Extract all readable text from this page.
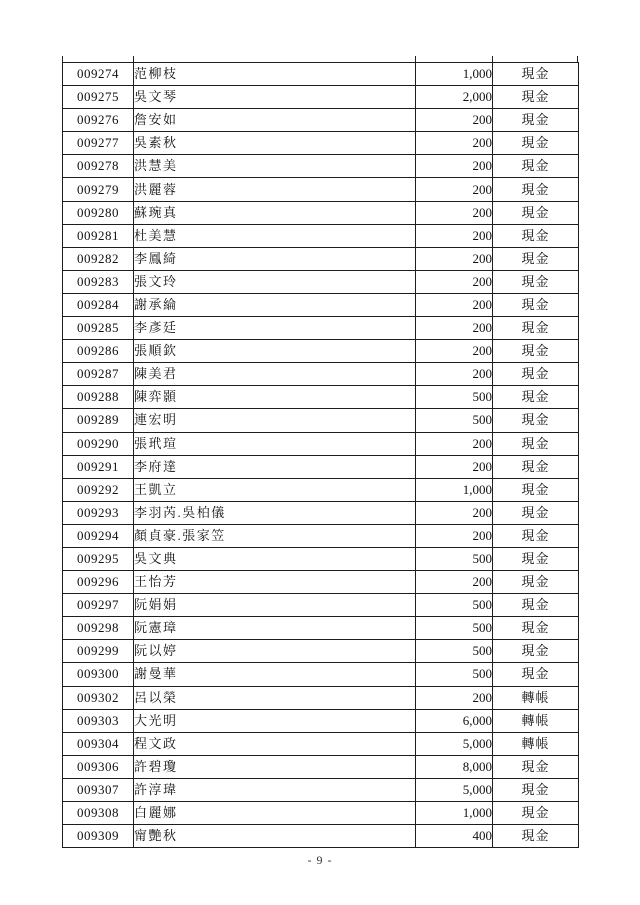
009274	范柳枝	1,000	現金
009275	吳文琴	2,000	現金
009276	詹安如	200	現金
009277	吳素秋	200	現金
009278	洪慧美	200	現金
009279	洪麗蓉	200	現金
009280	蘇琬真	200	現金
009281	杜美慧	200	現金
009282	李鳳綺	200	現金
009283	張文玲	200	現金
009284	謝承綸	200	現金
009285	李彥廷	200	現金
009286	張順欽	200	現金
009287	陳美君	200	現金
009288	陳弈顥	500	現金
009289	連宏明	500	現金
009290	張玳瑄	200	現金
009291	李府達	200	現金
009292	王凱立	1,000	現金
009293	李羽芮.吳柏儀	200	現金
009294	顏貞豪.張家笠	200	現金
009295	吳文典	500	現金
009296	王怡芳	200	現金
009297	阮娟娟	500	現金
009298	阮憲璋	500	現金
009299	阮以婷	500	現金
009300	謝曼華	500	現金
009302	呂以榮	200	轉帳
009303	大光明	6,000	轉帳
009304	程文政	5,000	轉帳
009306	許碧瓊	8,000	現金
009307	許淳瑋	5,000	現金
009308	白麗娜	1,000	現金
009309	甯艷秋	400	現金
- 9 -
